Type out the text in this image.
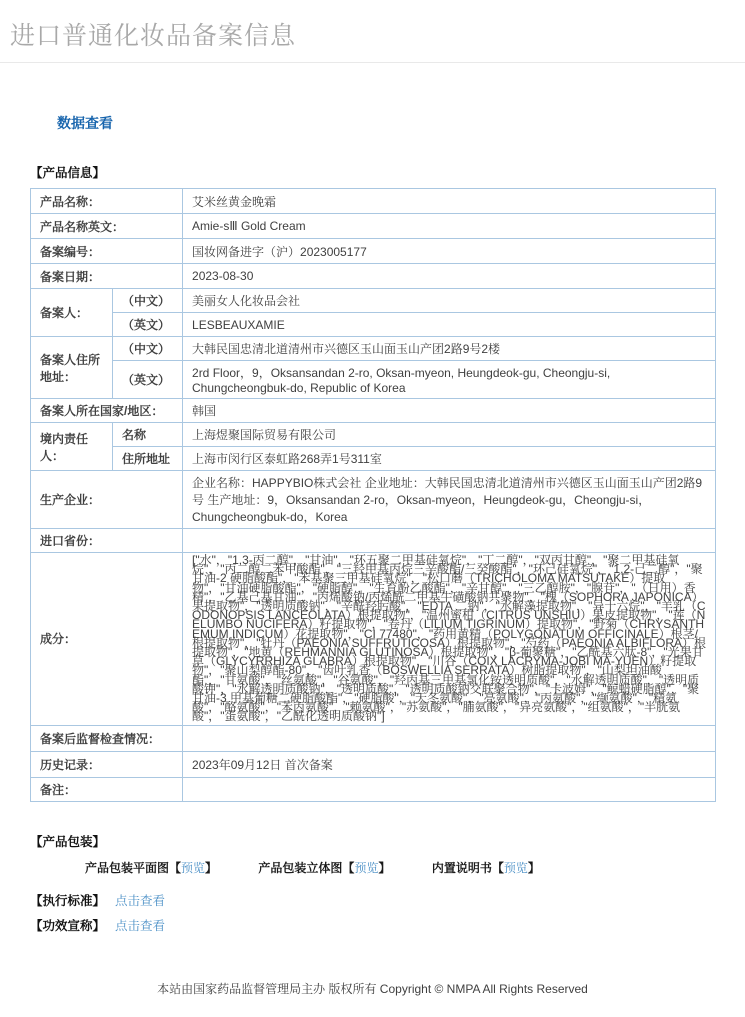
进口普通化妆品备案信息
数据查看
【产品信息】
产品名称：		艾米丝黄金晚霜
产品名称英文：		Amie-sⅢ Gold Cream
备案编号：		国妆网备进字（沪）2023005177
备案日期：		2023-08-30
备案人：	（中文）	美丽女人化妆品会社
	（英文）	LESBEAUXAMIE
备案人住所地址：	（中文）	大韩民国忠清北道清州市兴德区玉山面玉山产团2路9号2楼
	（英文）	2rd Floor，9，Oksansandan 2-ro, Oksan-myeon, Heungdeok-gu, Cheongju-si, Chungcheongbuk-do, Republic of Korea
备案人所在国家/地区：		韩国
境内责任人：	名称	上海煜聚国际贸易有限公司
	住所地址	上海市闵行区泰虹路268弄1号311室
生产企业：		企业名称：HAPPYBIO株式会社 企业地址：大韩民国忠清北道清州市兴德区玉山面玉山产团2路9号 生产地址：9，Oksansandan 2-ro，Oksan-myeon，Heungdeok-gu，Cheongju-si，Chungcheongbuk-do，Korea
进口省份：		
成分：		["水"，"1,3-丙二醇"，"甘油"，"环五聚二甲基硅氧烷"，"丁二醇"，"双丙甘醇"，"聚二甲基硅氧烷"，"丙二醇二苯甲酸酯"，"三羟甲基丙烷三辛酸酯/三癸酸酯"，"环己硅氧烷"，"1,2-己二醇"，"聚甘油-2 硬脂酸酯"，"苯基聚三甲基硅氧烷"，"松口蘑（TRICHOLOMA MATSUTAKE）提取物"，"甘油硬脂酸酯"，"硬脂醇"，"生育酚乙酸酯"，"辛甘醇"，"三乙醇胺"，"腺苷"，"（日用）香精"，"乙基己基甘油"，"丙烯酸钠/丙烯酰二甲基牛磺酸钠共聚物"，"槐（SOPHORA JAPONICA）果提取物"，"透明质酸钠"，"辛酰羟肟酸"，"EDTA 二钠"，"水解藻提取物"，"异十六烷"，"羊乳（CODONOPSIS LANCEOLATA）根提取物"，"温州蜜柑（CITRUS UNSHIU）果皮提取物"，"莲（NELUMBO NUCIFERA）籽提取物"，"卷丹（LILIUM TIGRINUM）提取物"，"野菊（CHRYSANTHEMUM INDICUM）花提取物"，"CI 77480"，"药用黄精（POLYGONATUM OFFICINALE）根茎/根提取物"，"牡丹（PAEONIA SUFFRUTICOSA）根提取物"，"芍药（PAEONIA ALBIFLORA）根提取物"，"地黄（REHMANNIA GLUTINOSA）根提取物"，"β-葡聚糖"，"乙酰基六肽-8"，"光果甘草（GLYCYRRHIZA GLABRA）根提取物"，"川谷（COIX LACRYMA-JOBI MA-YUEN）籽提取物"，"聚山梨醇酯-80"，"齿叶乳香（BOSWELLIA SERRATA）树脂提取物"，"山梨坦油酸酯"，"甘氨酸"，"丝氨酸"，"谷氨酸"，"羟丙基三甲基氯化铵透明质酸"，"水解透明质酸"，"透明质酸钾"，"水解透明质酸钠"，"透明质酸"，"透明质酸钠交联聚合物"，"卡波姆"，"鲸蜡硬脂醇"，"聚甘油-3 甲基葡糖二硬脂酸酯"，"硬脂酸"，"天冬氨酸"，"亮氨酸"，"丙氨酸"，"缬氨酸"，"精氨酸"，"酪氨酸"，"苯丙氨酸"，"赖氨酸"，"苏氨酸"，"脯氨酸"，"异亮氨酸"，"组氨酸"，"半胱氨酸"，"蛋氨酸"，"乙酰化透明质酸钠"]
备案后监督检查情况：		
历史记录：		2023年09月12日 首次备案
备注：		
【产品包装】
产品包装平面图【预览】	产品包装立体图【预览】	内置说明书【预览】
【执行标准】 点击查看
【功效宣称】 点击查看
本站由国家药品监督管理局主办 版权所有 Copyright © NMPA All Rights Reserved
